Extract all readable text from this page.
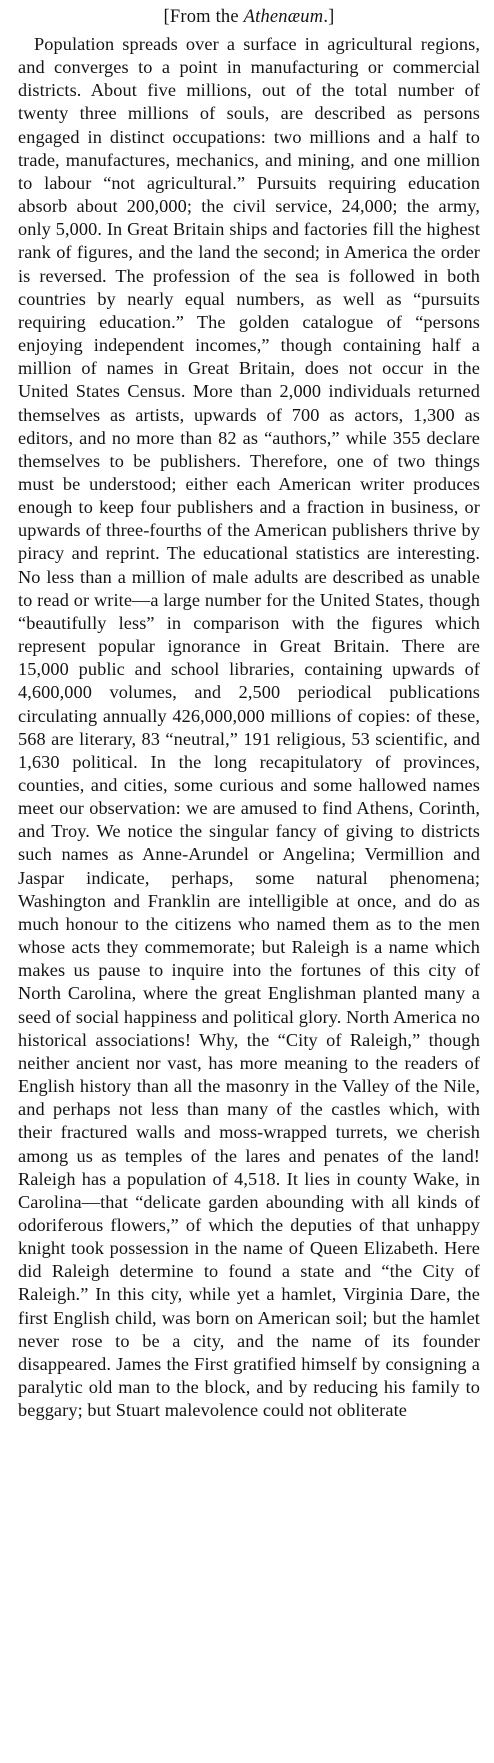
[From the Athenæum.]

Population spreads over a surface in agricultural regions, and converges to a point in manufacturing or commercial districts. About five millions, out of the total number of twenty three millions of souls, are described as persons engaged in distinct occupations: two millions and a half to trade, manufactures, mechanics, and mining, and one million to labour “not agricultural.” Pursuits requiring education absorb about 200,000; the civil service, 24,000; the army, only 5,000. In Great Britain ships and factories fill the highest rank of figures, and the land the second; in America the order is reversed. The profession of the sea is followed in both countries by nearly equal numbers, as well as “pursuits requiring education.” The golden catalogue of “persons enjoying independent incomes,” though containing half a million of names in Great Britain, does not occur in the United States Census. More than 2,000 individuals returned themselves as artists, upwards of 700 as actors, 1,300 as editors, and no more than 82 as “authors,” while 355 declare themselves to be publishers. Therefore, one of two things must be understood; either each American writer produces enough to keep four publishers and a fraction in business, or upwards of three-fourths of the American publishers thrive by piracy and reprint. The educational statistics are interesting. No less than a million of male adults are described as unable to read or write—a large number for the United States, though “beautifully less” in comparison with the figures which represent popular ignorance in Great Britain. There are 15,000 public and school libraries, containing upwards of 4,600,000 volumes, and 2,500 periodical publications circulating annually 426,000,000 millions of copies: of these, 568 are literary, 83 “neutral,” 191 religious, 53 scientific, and 1,630 political. In the long recapitulatory of provinces, counties, and cities, some curious and some hallowed names meet our observation: we are amused to find Athens, Corinth, and Troy. We notice the singular fancy of giving to districts such names as Anne-Arundel or Angelina; Vermillion and Jaspar indicate, perhaps, some natural phenomena; Washington and Franklin are intelligible at once, and do as much honour to the citizens who named them as to the men whose acts they commemorate; but Raleigh is a name which makes us pause to inquire into the fortunes of this city of North Carolina, where the great Englishman planted many a seed of social happiness and political glory. North America no historical associations! Why, the “City of Raleigh,” though neither ancient nor vast, has more meaning to the readers of English history than all the masonry in the Valley of the Nile, and perhaps not less than many of the castles which, with their fractured walls and moss-wrapped turrets, we cherish among us as temples of the lares and penates of the land! Raleigh has a population of 4,518. It lies in county Wake, in Carolina—that “delicate garden abounding with all kinds of odoriferous flowers,” of which the deputies of that unhappy knight took possession in the name of Queen Elizabeth. Here did Raleigh determine to found a state and “the City of Raleigh.” In this city, while yet a hamlet, Virginia Dare, the first English child, was born on American soil; but the hamlet never rose to be a city, and the name of its founder disappeared. James the First gratified himself by consigning a paralytic old man to the block, and by reducing his family to beggary; but Stuart malevolence could not obliterate
